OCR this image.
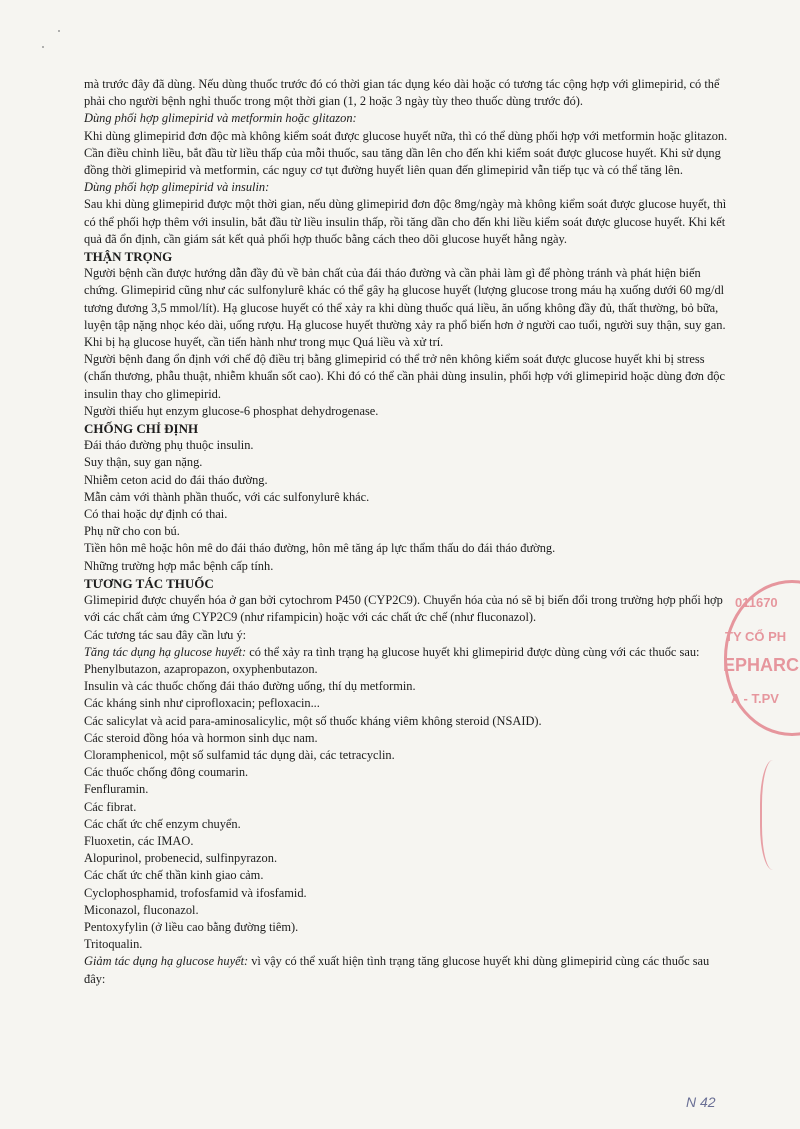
mà trước đây đã dùng. Nếu dùng thuốc trước đó có thời gian tác dụng kéo dài hoặc có tương tác cộng hợp với glimepirid, có thể phải cho người bệnh nghỉ thuốc trong một thời gian (1, 2 hoặc 3 ngày tùy theo thuốc dùng trước đó).

Dùng phối hợp glimepirid và metformin hoặc glitazon:

Khi dùng glimepirid đơn độc mà không kiểm soát được glucose huyết nữa, thì có thể dùng phối hợp với metformin hoặc glitazon. Cần điều chỉnh liều, bắt đầu từ liều thấp của mỗi thuốc, sau tăng dần lên cho đến khi kiểm soát được glucose huyết. Khi sử dụng đồng thời glimepirid và metformin, các nguy cơ tụt đường huyết liên quan đến glimepirid vẫn tiếp tục và có thể tăng lên.

Dùng phối hợp glimepirid và insulin:

Sau khi dùng glimepirid được một thời gian, nếu dùng glimepirid đơn độc 8mg/ngày mà không kiểm soát được glucose huyết, thì có thể phối hợp thêm với insulin, bắt đầu từ liều insulin thấp, rồi tăng dần cho đến khi liều kiểm soát được glucose huyết. Khi kết quả đã ổn định, cần giám sát kết quả phối hợp thuốc bằng cách theo dõi glucose huyết hằng ngày.

THẬN TRỌNG

Người bệnh cần được hướng dẫn đầy đủ về bản chất của đái tháo đường và cần phải làm gì để phòng tránh và phát hiện biến chứng. Glimepirid cũng như các sulfonylurê khác có thể gây hạ glucose huyết (lượng glucose trong máu hạ xuống dưới 60 mg/dl tương đương 3,5 mmol/lít). Hạ glucose huyết có thể xảy ra khi dùng thuốc quá liều, ăn uống không đầy đủ, thất thường, bỏ bữa, luyện tập nặng nhọc kéo dài, uống rượu. Hạ glucose huyết thường xảy ra phổ biến hơn ở người cao tuổi, người suy thận, suy gan. Khi bị hạ glucose huyết, cần tiến hành như trong mục Quá liều và xử trí.

Người bệnh đang ổn định với chế độ điều trị bằng glimepirid có thể trở nên không kiểm soát được glucose huyết khi bị stress (chấn thương, phẫu thuật, nhiễm khuẩn sốt cao). Khi đó có thể cần phải dùng insulin, phối hợp với glimepirid hoặc dùng đơn độc insulin thay cho glimepirid.

Người thiếu hụt enzym glucose-6 phosphat dehydrogenase.

CHỐNG CHỈ ĐỊNH

Đái tháo đường phụ thuộc insulin.

Suy thận, suy gan nặng.

Nhiễm ceton acid do đái tháo đường.

Mẫn cảm với thành phần thuốc, với các sulfonylurê khác.

Có thai hoặc dự định có thai.

Phụ nữ cho con bú.

Tiền hôn mê hoặc hôn mê do đái tháo đường, hôn mê tăng áp lực thẩm thấu do đái tháo đường.

Những trường hợp mắc bệnh cấp tính.

TƯƠNG TÁC THUỐC

Glimepirid được chuyển hóa ở gan bởi cytochrom P450 (CYP2C9). Chuyển hóa của nó sẽ bị biến đổi trong trường hợp phối hợp với các chất cảm ứng CYP2C9 (như rifampicin) hoặc với các chất ức chế (như fluconazol).

Các tương tác sau đây cần lưu ý:

Tăng tác dụng hạ glucose huyết: có thể xảy ra tình trạng hạ glucose huyết khi glimepirid được dùng cùng với các thuốc sau:

Phenylbutazon, azapropazon, oxyphenbutazon.

Insulin và các thuốc chống đái tháo đường uống, thí dụ metformin.

Các kháng sinh như ciprofloxacin; pefloxacin...

Các salicylat và acid para-aminosalicylic, một số thuốc kháng viêm không steroid (NSAID).

Các steroid đồng hóa và hormon sinh dục nam.

Cloramphenicol, một số sulfamid tác dụng dài, các tetracyclin.

Các thuốc chống đông coumarin.

Fenfluramin.

Các fibrat.

Các chất ức chế enzym chuyển.

Fluoxetin, các IMAO.

Alopurinol, probenecid, sulfinpyrazon.

Các chất ức chế thần kinh giao cảm.

Cyclophosphamid, trofosfamid và ifosfamid.

Miconazol, fluconazol.

Pentoxyfylin (ở liều cao bằng đường tiêm).

Tritoqualin.

Giảm tác dụng hạ glucose huyết: vì vậy có thể xuất hiện tình trạng tăng glucose huyết khi dùng glimepirid cùng các thuốc sau đây:

011670
TY CỔ PH
EPHARC
A - T.PV
N 42
